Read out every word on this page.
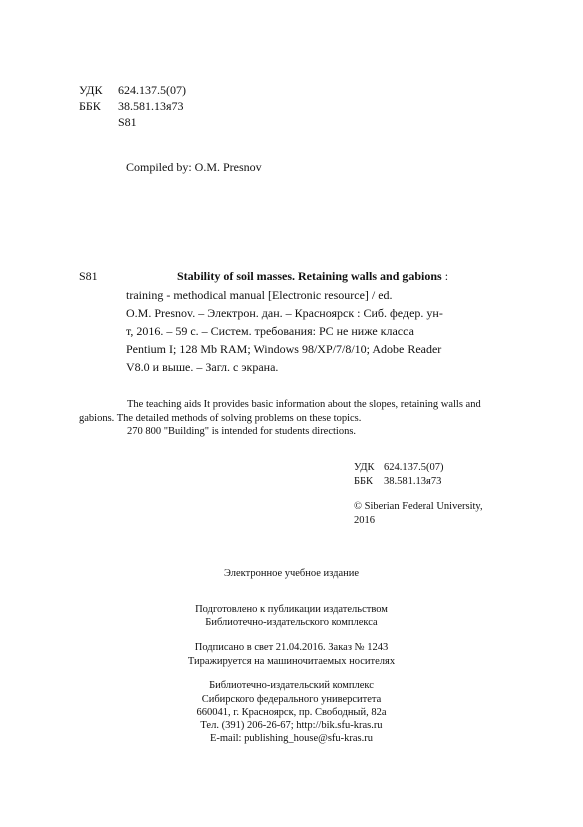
УДК 624.137.5(07)
ББК 38.581.13я73
S81
Compiled by: O.M. Presnov
S81	Stability of soil masses. Retaining walls and gabions :
training - methodical manual [Electronic resource] / ed.
O.M. Presnov. – Электрон. дан. – Красноярск : Сиб. федер. ун-
т, 2016. – 59 с. – Систем. требования: PC не ниже класса
Pentium I; 128 Mb RAM; Windows 98/XP/7/8/10; Adobe Reader
V8.0 и выше. – Загл. с экрана.
The teaching aids It provides basic information about the slopes, retaining walls and
gabions. The detailed methods of solving problems on these topics.
270 800 "Building" is intended for students directions.
УДК 624.137.5(07)
ББК 38.581.13я73
© Siberian Federal University,
2016
Электронное учебное издание
Подготовлено к публикации издательством
Библиотечно-издательского комплекса
Подписано в свет 21.04.2016. Заказ № 1243
Тиражируется на машиночитаемых носителях
Библиотечно-издательский комплекс
Сибирского федерального университета
660041, г. Красноярск, пр. Свободный, 82а
Тел. (391) 206-26-67; http://bik.sfu-kras.ru
E-mail: publishing_house@sfu-kras.ru
